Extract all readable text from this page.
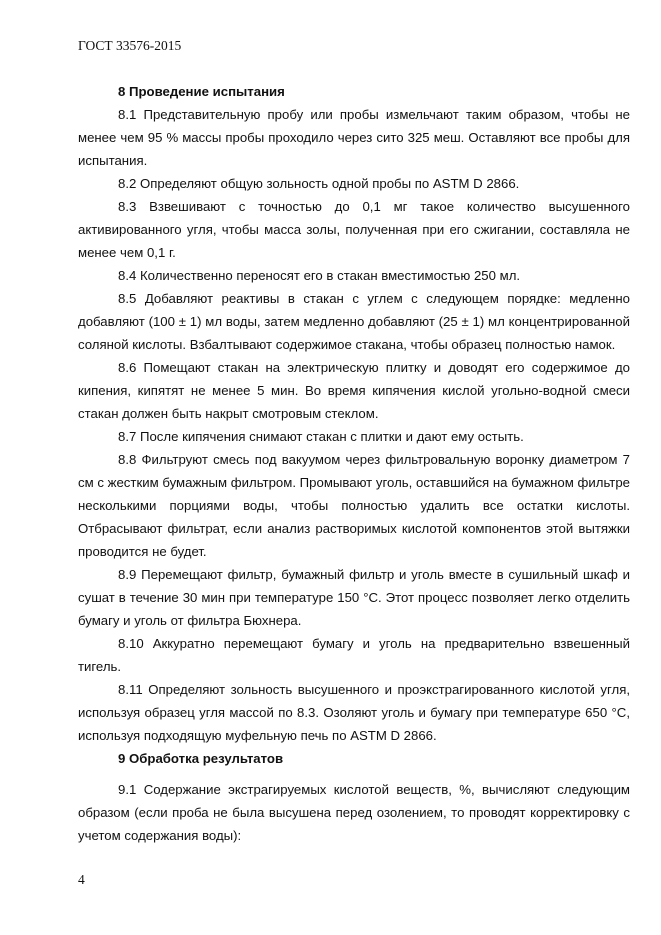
ГОСТ 33576-2015

8 Проведение испытания

8.1 Представительную пробу или пробы измельчают таким образом, чтобы не менее чем 95 % массы пробы проходило через сито 325 меш. Оставляют все пробы для испытания.

8.2 Определяют общую зольность одной пробы по ASTM D 2866.

8.3 Взвешивают с точностью до 0,1 мг такое количество высушенного активированного угля, чтобы масса золы, полученная при его сжигании, составляла не менее чем 0,1 г.

8.4 Количественно переносят его в стакан вместимостью 250 мл.

8.5 Добавляют реактивы в стакан с углем с следующем порядке: медленно добавляют (100 ± 1) мл воды, затем медленно добавляют (25 ± 1) мл концентрированной соляной кислоты. Взбалтывают содержимое стакана, чтобы образец полностью намок.

8.6 Помещают стакан на электрическую плитку и доводят его содержимое до кипения, кипятят не менее 5 мин. Во время кипячения кислой угольно-водной смеси стакан должен быть накрыт смотровым стеклом.

8.7 После кипячения снимают стакан с плитки и дают ему остыть.

8.8 Фильтруют смесь под вакуумом через фильтровальную воронку диаметром 7 см с жестким бумажным фильтром. Промывают уголь, оставшийся на бумажном фильтре несколькими порциями воды, чтобы полностью удалить все остатки кислоты. Отбрасывают фильтрат, если анализ растворимых кислотой компонентов этой вытяжки проводится не будет.

8.9 Перемещают фильтр, бумажный фильтр и уголь вместе в сушильный шкаф и сушат в течение 30 мин при температуре 150 °С. Этот процесс позволяет легко отделить бумагу и уголь от фильтра Бюхнера.

8.10 Аккуратно перемещают бумагу и уголь на предварительно взвешенный тигель.

8.11 Определяют зольность высушенного и проэкстрагированного кислотой угля, используя образец угля массой по 8.3. Озоляют уголь и бумагу при температуре 650 °С, используя подходящую муфельную печь по ASTM D 2866.

9 Обработка результатов

9.1 Содержание экстрагируемых кислотой веществ, %, вычисляют следующим образом (если проба не была высушена перед озолением, то проводят корректировку с учетом содержания воды):

4
